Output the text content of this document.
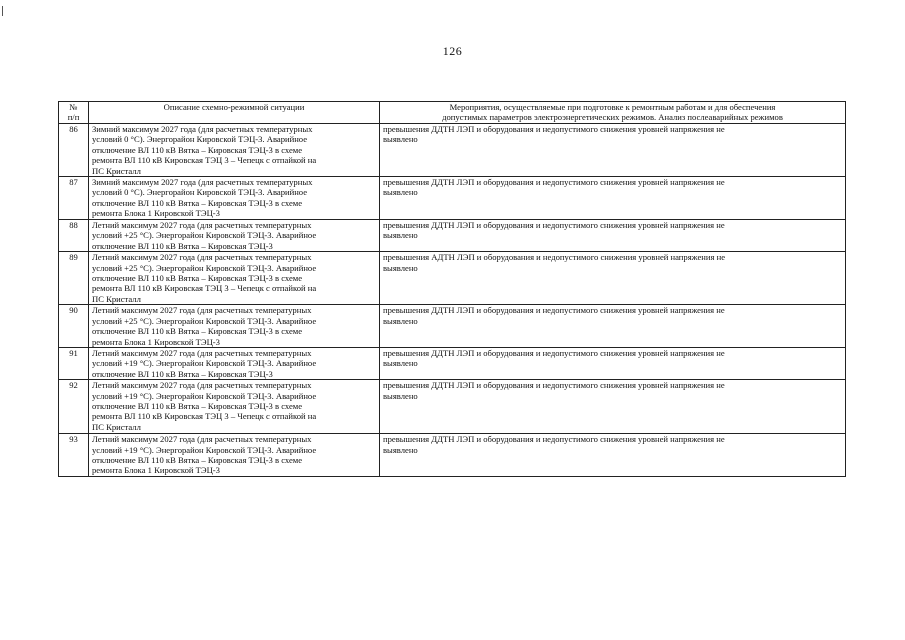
126
№
п/п	Описание схемно-режимной ситуации	Мероприятия, осуществляемые при подготовке к ремонтным работам и для обеспечения
допустимых параметров электроэнергетических режимов. Анализ послеаварийных режимов

86	Зимний максимум 2027 года (для расчетных температурных
условий 0 °С). Энергорайон Кировской ТЭЦ-3. Аварийное
отключение ВЛ 110 кВ Вятка – Кировская ТЭЦ-3 в схеме
ремонта ВЛ 110 кВ Кировская ТЭЦ 3 – Чепецк с отпайкой на
ПС Кристалл	превышения ДДТН ЛЭП и оборудования и недопустимого снижения уровней напряжения не
выявлено

87	Зимний максимум 2027 года (для расчетных температурных
условий 0 °С). Энергорайон Кировской ТЭЦ-3. Аварийное
отключение ВЛ 110 кВ Вятка – Кировская ТЭЦ-3 в схеме
ремонта Блока 1 Кировской ТЭЦ-3	превышения ДДТН ЛЭП и оборудования и недопустимого снижения уровней напряжения не
выявлено

88	Летний максимум 2027 года (для расчетных температурных
условий +25 °С). Энергорайон Кировской ТЭЦ-3. Аварийное
отключение ВЛ 110 кВ Вятка – Кировская ТЭЦ-3	превышения ДДТН ЛЭП и оборудования и недопустимого снижения уровней напряжения не
выявлено

89	Летний максимум 2027 года (для расчетных температурных
условий +25 °С). Энергорайон Кировской ТЭЦ-3. Аварийное
отключение ВЛ 110 кВ Вятка – Кировская ТЭЦ-3 в схеме
ремонта ВЛ 110 кВ Кировская ТЭЦ 3 – Чепецк с отпайкой на
ПС Кристалл	превышения АДТН ЛЭП и оборудования и недопустимого снижения уровней напряжения не
выявлено

90	Летний максимум 2027 года (для расчетных температурных
условий +25 °С). Энергорайон Кировской ТЭЦ-3. Аварийное
отключение ВЛ 110 кВ Вятка – Кировская ТЭЦ-3 в схеме
ремонта Блока 1 Кировской ТЭЦ-3	превышения ДДТН ЛЭП и оборудования и недопустимого снижения уровней напряжения не
выявлено

91	Летний максимум 2027 года (для расчетных температурных
условий +19 °С). Энергорайон Кировской ТЭЦ-3. Аварийное
отключение ВЛ 110 кВ Вятка – Кировская ТЭЦ-3	превышения ДДТН ЛЭП и оборудования и недопустимого снижения уровней напряжения не
выявлено

92	Летний максимум 2027 года (для расчетных температурных
условий +19 °С). Энергорайон Кировской ТЭЦ-3. Аварийное
отключение ВЛ 110 кВ Вятка – Кировская ТЭЦ-3 в схеме
ремонта ВЛ 110 кВ Кировская ТЭЦ 3 – Чепецк с отпайкой на
ПС Кристалл	превышения ДДТН ЛЭП и оборудования и недопустимого снижения уровней напряжения не
выявлено

93	Летний максимум 2027 года (для расчетных температурных
условий +19 °С). Энергорайон Кировской ТЭЦ-3. Аварийное
отключение ВЛ 110 кВ Вятка – Кировская ТЭЦ-3 в схеме
ремонта Блока 1 Кировской ТЭЦ-3	превышения ДДТН ЛЭП и оборудования и недопустимого снижения уровней напряжения не
выявлено
